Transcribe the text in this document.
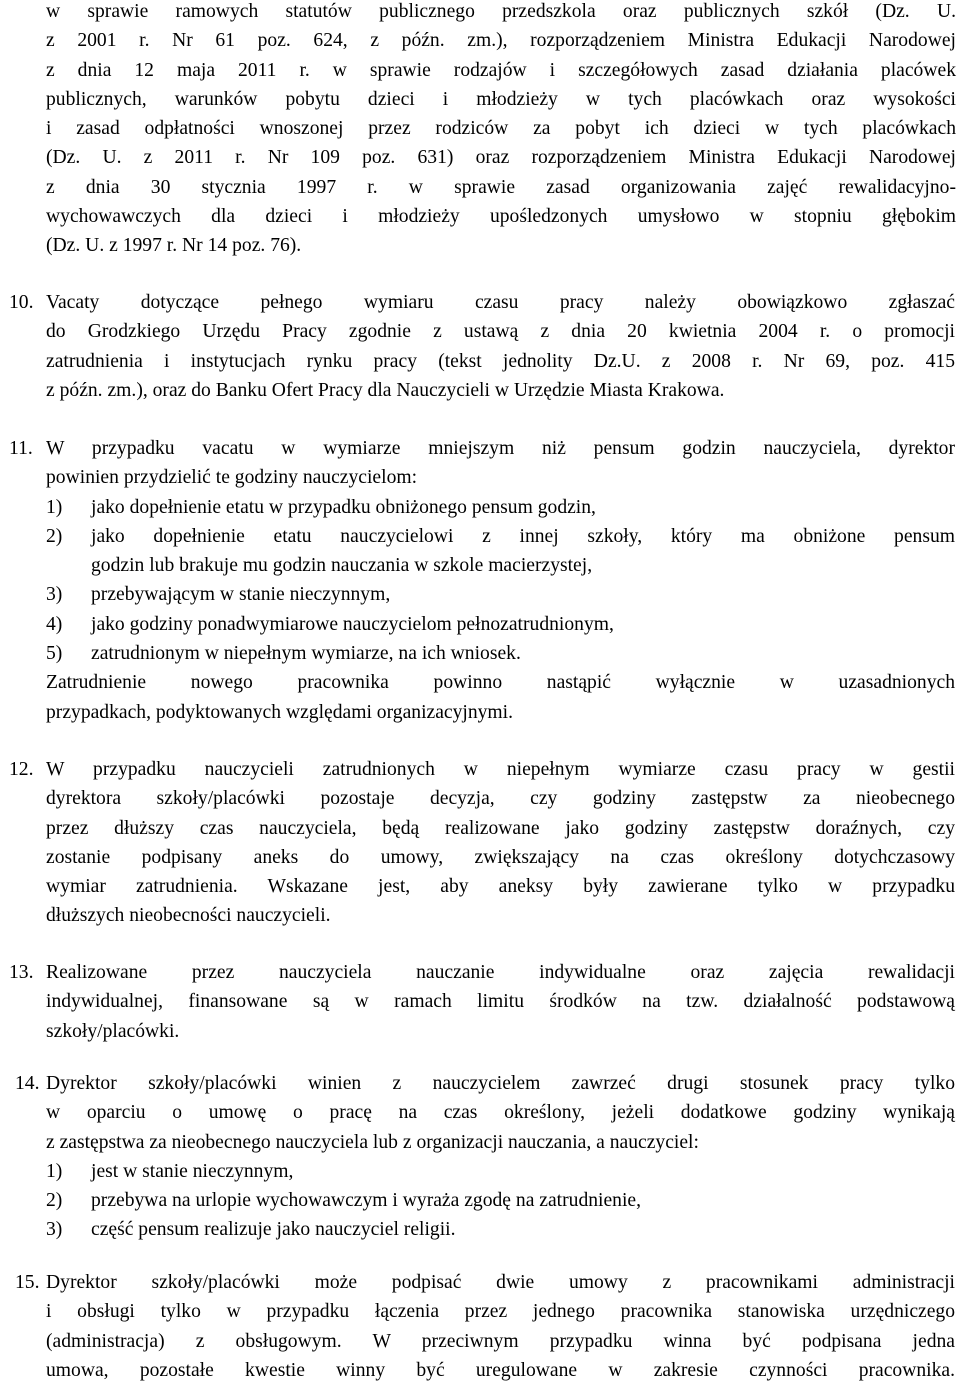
w sprawie ramowych statutów publicznego przedszkola oraz publicznych szkół (Dz. U.
z 2001 r. Nr 61 poz. 624, z późn. zm.), rozporządzeniem Ministra Edukacji Narodowej
z dnia 12 maja 2011 r. w sprawie rodzajów i szczegółowych zasad działania placówek
publicznych, warunków pobytu dzieci i młodzieży w tych placówkach oraz wysokości
i zasad odpłatności wnoszonej przez rodziców za pobyt ich dzieci w tych placówkach
(Dz. U. z 2011 r. Nr 109 poz. 631) oraz rozporządzeniem Ministra Edukacji Narodowej
z dnia 30 stycznia 1997 r. w sprawie zasad organizowania zajęć rewalidacyjno-
wychowawczych dla dzieci i młodzieży upośledzonych umysłowo w stopniu głębokim
(Dz. U. z 1997 r. Nr 14 poz. 76).
10. Vacaty dotyczące pełnego wymiaru czasu pracy należy obowiązkowo zgłaszać
do Grodzkiego Urzędu Pracy zgodnie z ustawą z dnia 20 kwietnia 2004 r. o promocji
zatrudnienia i instytucjach rynku pracy (tekst jednolity Dz.U. z 2008 r. Nr 69, poz. 415
z późn. zm.), oraz do Banku Ofert Pracy dla Nauczycieli w Urzędzie Miasta Krakowa.
11. W przypadku vacatu w wymiarze mniejszym niż pensum godzin nauczyciela, dyrektor
powinien przydzielić te godziny nauczycielom:
1)	jako dopełnienie etatu w przypadku obniżonego pensum godzin,
2)	jako dopełnienie etatu nauczycielowi z innej szkoły, który ma obniżone pensum
godzin lub brakuje mu godzin nauczania w szkole macierzystej,
3)	przebywającym w stanie nieczynnym,
4)	jako godziny ponadwymiarowe nauczycielom pełnozatrudnionym,
5)	zatrudnionym w niepełnym wymiarze, na ich wniosek.
Zatrudnienie nowego pracownika powinno nastąpić wyłącznie w uzasadnionych
przypadkach, podyktowanych względami organizacyjnymi.
12. W przypadku nauczycieli zatrudnionych w niepełnym wymiarze czasu pracy w gestii
dyrektora szkoły/placówki pozostaje decyzja, czy godziny zastępstw za nieobecnego
przez dłuższy czas nauczyciela, będą realizowane jako godziny zastępstw doraźnych, czy
zostanie podpisany aneks do umowy, zwiększający na czas określony dotychczasowy
wymiar zatrudnienia. Wskazane jest, aby aneksy były zawierane tylko w przypadku
dłuższych nieobecności nauczycieli.
13. Realizowane przez nauczyciela nauczanie indywidualne oraz zajęcia rewalidacji
indywidualnej, finansowane są w ramach limitu środków na tzw. działalność podstawową
szkoły/placówki.
14. Dyrektor szkoły/placówki winien z nauczycielem zawrzeć drugi stosunek pracy tylko
w oparciu o umowę o pracę na czas określony, jeżeli dodatkowe godziny wynikają
z zastępstwa za nieobecnego nauczyciela lub z organizacji nauczania, a nauczyciel:
1)	jest w stanie nieczynnym,
2)	przebywa na urlopie wychowawczym i wyraża zgodę na zatrudnienie,
3)	część pensum realizuje jako nauczyciel religii.
15. Dyrektor szkoły/placówki może podpisać dwie umowy z pracownikami administracji
i obsługi tylko w przypadku łączenia przez jednego pracownika stanowiska urzędniczego
(administracja) z obsługowym. W przeciwnym przypadku winna być podpisana jedna
umowa, pozostałe kwestie winny być uregulowane w zakresie czynności pracownika.
